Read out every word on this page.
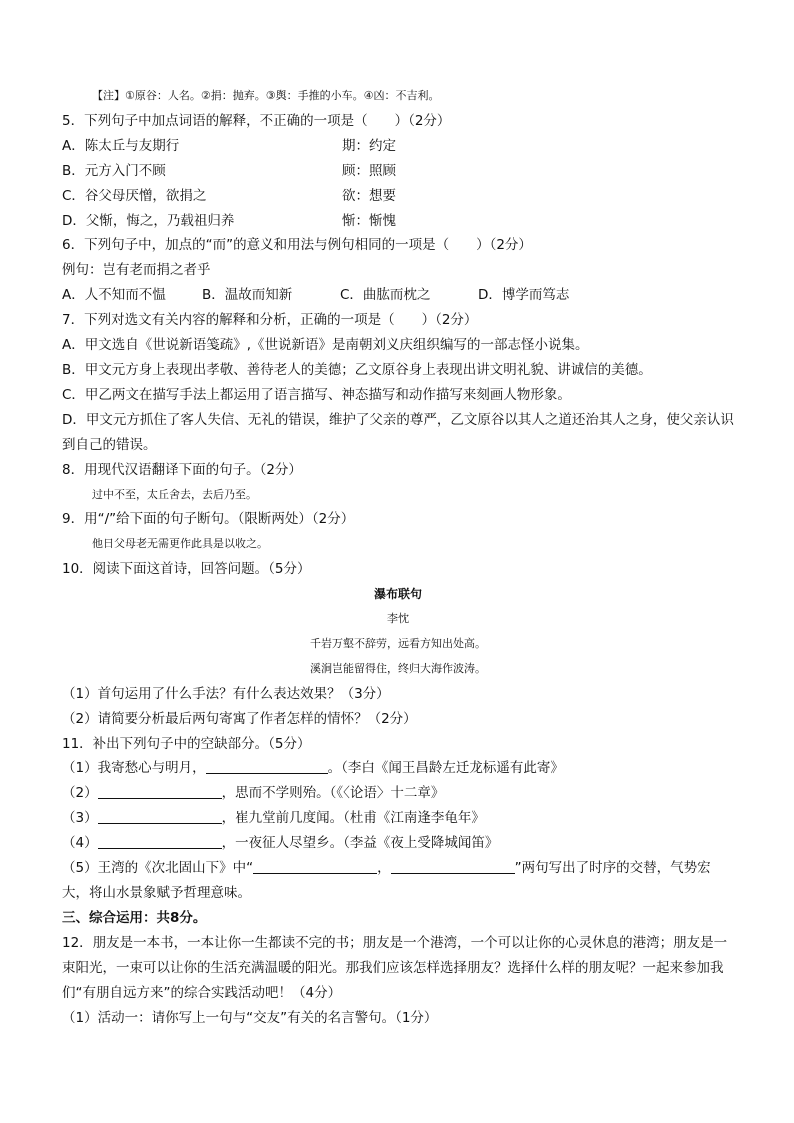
【注】①原谷：人名。②捐：抛弃。③舆：手推的小车。④凶：不吉利。
5．下列句子中加点词语的解释，不正确的一项是（　　）（2分）
A．陈太丘与友期行	期：约定
B．元方入门不顾	顾：照顾
C．谷父母厌憎，欲捐之	欲：想要
D．父惭，悔之，乃载祖归养	惭：惭愧
6．下列句子中，加点的“而”的意义和用法与例句相同的一项是（　　）（2分）
例句：岂有老而捐之者乎
A．人不知而不愠	B．温故而知新	C．曲肱而枕之	D．博学而笃志
7．下列对选文有关内容的解释和分析，正确的一项是（　　）（2分）
A．甲文选自《世说新语笺疏》,《世说新语》是南朝刘义庆组织编写的一部志怪小说集。
B．甲文元方身上表现出孝敬、善待老人的美德；乙文原谷身上表现出讲文明礼貌、讲诚信的美德。
C．甲乙两文在描写手法上都运用了语言描写、神态描写和动作描写来刻画人物形象。
D．甲文元方抓住了客人失信、无礼的错误，维护了父亲的尊严，乙文原谷以其人之道还治其人之身，使父亲认识到自己的错误。
8．用现代汉语翻译下面的句子。（2分）
过中不至，太丘舍去，去后乃至。
9．用“/”给下面的句子断句。（限断两处）（2分）
他日父母老无需更作此具是以收之。
10．阅读下面这首诗，回答问题。（5分）
瀑布联句
李忱
千岩万壑不辞劳，远看方知出处高。
溪涧岂能留得住，终归大海作波涛。
（1）首句运用了什么手法？有什么表达效果？（3分）
（2）请简要分析最后两句寄寓了作者怎样的情怀？（2分）
11．补出下列句子中的空缺部分。（5分）
（1）我寄愁心与明月，	。（李白《闻王昌龄左迁龙标遥有此寄》
（2）	，思而不学则殆。（《〈论语〉十二章》
（3）	，崔九堂前几度闻。（杜甫《江南逢李龟年》
（4）	，一夜征人尽望乡。（李益《夜上受降城闻笛》
（5）王湾的《次北固山下》中“	，	”两句写出了时序的交替，气势宏大，将山水景象赋予哲理意味。
三、综合运用：共8分。
12．朋友是一本书，一本让你一生都读不完的书；朋友是一个港湾，一个可以让你的心灵休息的港湾；朋友是一束阳光，一束可以让你的生活充满温暖的阳光。那我们应该怎样选择朋友？选择什么样的朋友呢？一起来参加我们“有朋自远方来”的综合实践活动吧！（4分）
（1）活动一：请你写上一句与“交友”有关的名言警句。（1分）
